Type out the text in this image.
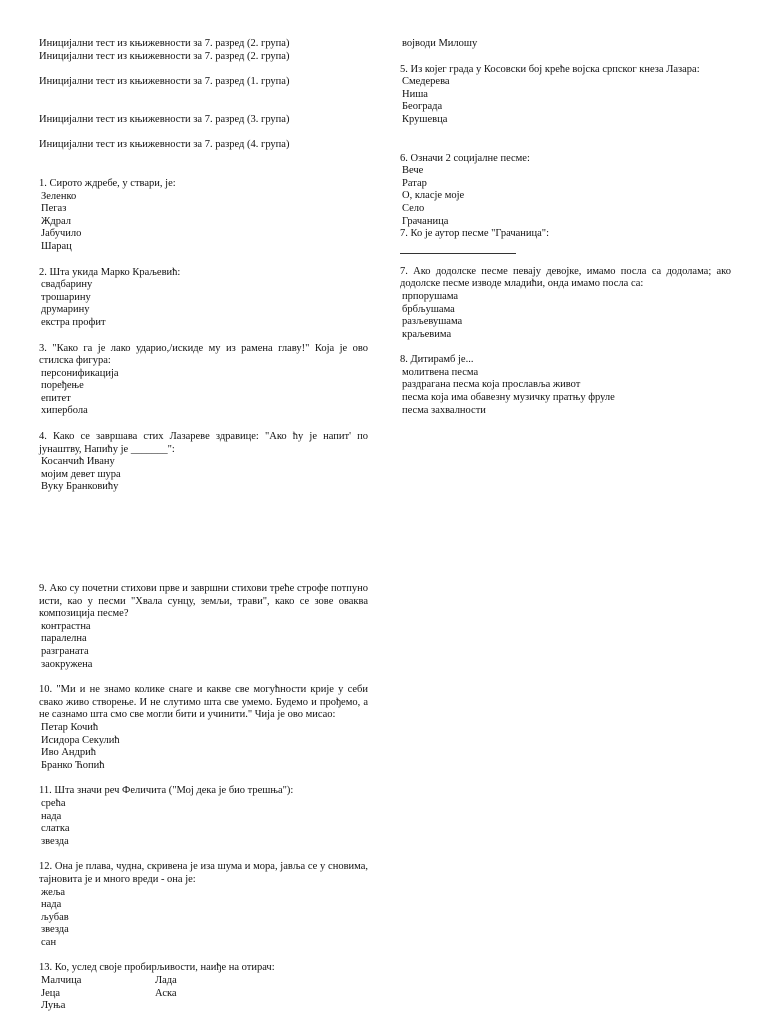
Иницијални тест из књижевности за 7. разред (2. група)
Иницијални тест из књижевности за 7. разред (2. група)
Иницијални тест из књижевности за 7. разред (1. група)
Иницијални тест из књижевности за 7. разред (3. група)
Иницијални тест из књижевности за 7. разред (4. група)
1. Сирото ждребе, у ствари, је:
Зеленко
Пегаз
Ждрал
Јабучило
Шарац
2. Шта укида Марко Краљевић:
свадбарину
трошарину
друмарину
екстра профит
3. "Како га је лако ударио,/искиде му из рамена главу!" Која је ово стилска фигура:
персонификација
поређење
епитет
хипербола
4. Како се завршава стих Лазареве здравице: "Ако ћу је напит' по јунаштву, Напићу је _______":
Косанчић Ивану
мојим девет шура
Вуку Бранковићу
9. Ако су почетни стихови прве и завршни стихови треће строфе потпуно исти, као у песми "Хвала сунцу, земљи, трави", како се зове оваква композиција песме?
контрастна
паралелна
разграната
заокружена
10. "Ми и не знамо колике снаге и какве све могућности крије у себи свако живо створење. И не слутимо шта све умемо. Будемо и прођемо, а не сазнамо шта смо све могли бити и учинити." Чија је ово мисао:
Петар Кочић
Исидора Секулић
Иво Андрић
Бранко Ћопић
11. Шта значи реч Феличита ("Мој дека је био трешња"):
срећа
нада
слатка
звезда
12. Она је плава, чудна, скривена је иза шума и мора, јавља се у сновима, тајновита је и много вреди - она је:
жеља
нада
љубав
звезда
сан
13. Ко, услед своје пробирљивости, наиђе на отирач:
Мaлчица	Лада
Јеца	Аска
Луња
војводи Милошу
5. Из којег града у Косовски бој креће војска српског кнеза Лазара:
Смедерева
Ниша
Београда
Крушевца
6. Означи 2 социјалне песме:
Вече
Ратар
О, класје моје
Село
Грачаница
7. Ко је аутор песме "Грачаница":
7. Ако додолске песме певају девојке, имамо посла са додолама; ако додолске песме изводе младићи, онда имамо посла са:
прпорушама
брбљушама
разљевушама
краљевима
8. Дитирамб је...
молитвена песма
раздрагана песма која прославља живот
песма која има обавезну музичку пратњу фруле
песма захвалности
